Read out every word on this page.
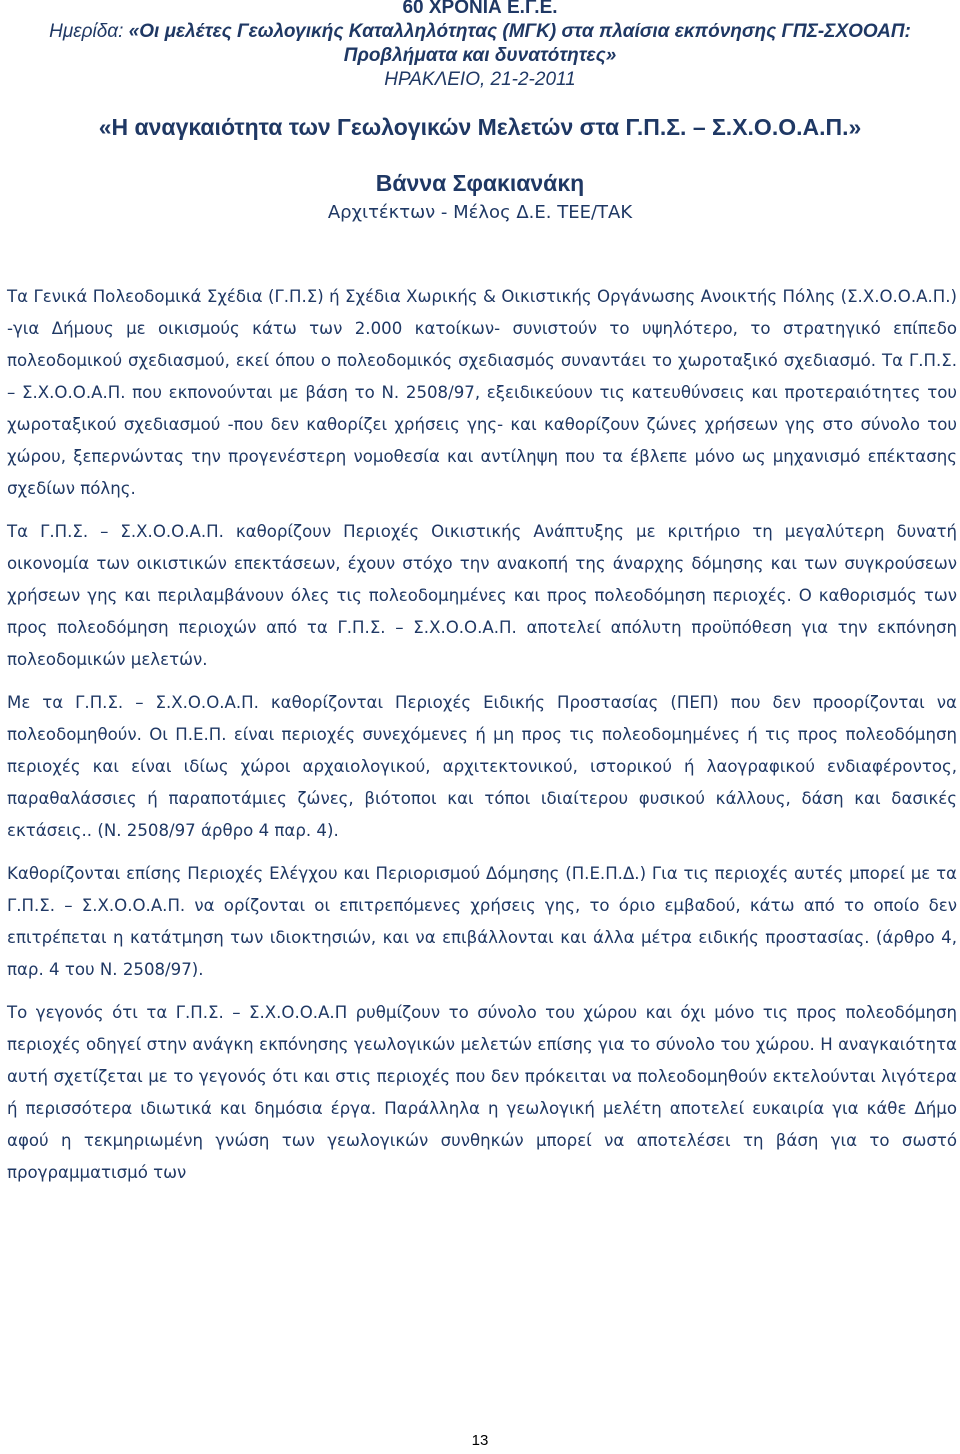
60 ΧΡΟΝΙΑ Ε.Γ.Ε.
Ημερίδα: «Οι μελέτες Γεωλογικής Καταλληλότητας (ΜΓΚ) στα πλαίσια εκπόνησης ΓΠΣ-ΣΧΟΟΑΠ:
Προβλήματα και δυνατότητες»
ΗΡΑΚΛΕΙΟ, 21-2-2011
«Η αναγκαιότητα των Γεωλογικών Μελετών στα Γ.Π.Σ. – Σ.Χ.Ο.Ο.Α.Π.»
Βάννα Σφακιανάκη
Αρχιτέκτων - Μέλος Δ.Ε. ΤΕΕ/ΤΑΚ

Τα Γενικά Πολεοδομικά Σχέδια (Γ.Π.Σ) ή Σχέδια Χωρικής & Οικιστικής Οργάνωσης Ανοικτής Πόλης (Σ.Χ.Ο.Ο.Α.Π.) -για Δήμους με οικισμούς κάτω των 2.000 κατοίκων- συνιστούν το υψηλότερο, το στρατηγικό επίπεδο πολεοδομικού σχεδιασμού, εκεί όπου ο πολεοδομικός σχεδιασμός συναντάει το χωροταξικό σχεδιασμό. Τα Γ.Π.Σ. – Σ.Χ.Ο.Ο.Α.Π. που εκπονούνται με βάση το Ν. 2508/97, εξειδικεύουν τις κατευθύνσεις και προτεραιότητες του χωροταξικού σχεδιασμού -που δεν καθορίζει χρήσεις γης- και καθορίζουν ζώνες χρήσεων γης στο σύνολο του χώρου, ξεπερνώντας την προγενέστερη νομοθεσία και αντίληψη που τα έβλεπε μόνο ως μηχανισμό επέκτασης σχεδίων πόλης.

Τα Γ.Π.Σ. – Σ.Χ.Ο.Ο.Α.Π. καθορίζουν Περιοχές Οικιστικής Ανάπτυξης με κριτήριο τη μεγαλύτερη δυνατή οικονομία των οικιστικών επεκτάσεων, έχουν στόχο την ανακοπή της άναρχης δόμησης και των συγκρούσεων χρήσεων γης και περιλαμβάνουν όλες τις πολεοδομημένες και προς πολεοδόμηση περιοχές. Ο καθορισμός των προς πολεοδόμηση περιοχών από τα Γ.Π.Σ. – Σ.Χ.Ο.Ο.Α.Π. αποτελεί απόλυτη προϋπόθεση για την εκπόνηση πολεοδομικών μελετών.

Με τα Γ.Π.Σ. – Σ.Χ.Ο.Ο.Α.Π. καθορίζονται Περιοχές Ειδικής Προστασίας (ΠΕΠ) που δεν προορίζονται να πολεοδομηθούν. Οι Π.Ε.Π. είναι περιοχές συνεχόμενες ή μη προς τις πολεοδομημένες ή τις προς πολεοδόμηση περιοχές και είναι ιδίως χώροι αρχαιολογικού, αρχιτεκτονικού, ιστορικού ή λαογραφικού ενδιαφέροντος, παραθαλάσσιες ή παραποτάμιες ζώνες, βιότοποι και τόποι ιδιαίτερου φυσικού κάλλους, δάση και δασικές εκτάσεις.. (Ν. 2508/97 άρθρο 4 παρ. 4).

Καθορίζονται επίσης Περιοχές Ελέγχου και Περιορισμού Δόμησης (Π.Ε.Π.Δ.) Για τις περιοχές αυτές μπορεί με τα Γ.Π.Σ. – Σ.Χ.Ο.Ο.Α.Π. να ορίζονται οι επιτρεπόμενες χρήσεις γης, το όριο εμβαδού, κάτω από το οποίο δεν επιτρέπεται η κατάτμηση των ιδιοκτησιών, και να επιβάλλονται και άλλα μέτρα ειδικής προστασίας. (άρθρο 4, παρ. 4 του Ν. 2508/97).

Το γεγονός ότι τα Γ.Π.Σ. – Σ.Χ.Ο.Ο.Α.Π ρυθμίζουν το σύνολο του χώρου και όχι μόνο τις προς πολεοδόμηση περιοχές οδηγεί στην ανάγκη εκπόνησης γεωλογικών μελετών επίσης για το σύνολο του χώρου. Η αναγκαιότητα αυτή σχετίζεται με το γεγονός ότι και στις περιοχές που δεν πρόκειται να πολεοδομηθούν εκτελούνται λιγότερα ή περισσότερα ιδιωτικά και δημόσια έργα. Παράλληλα η γεωλογική μελέτη αποτελεί ευκαιρία για κάθε Δήμο αφού η τεκμηριωμένη γνώση των γεωλογικών συνθηκών μπορεί να αποτελέσει τη βάση για το σωστό προγραμματισμό των

13
